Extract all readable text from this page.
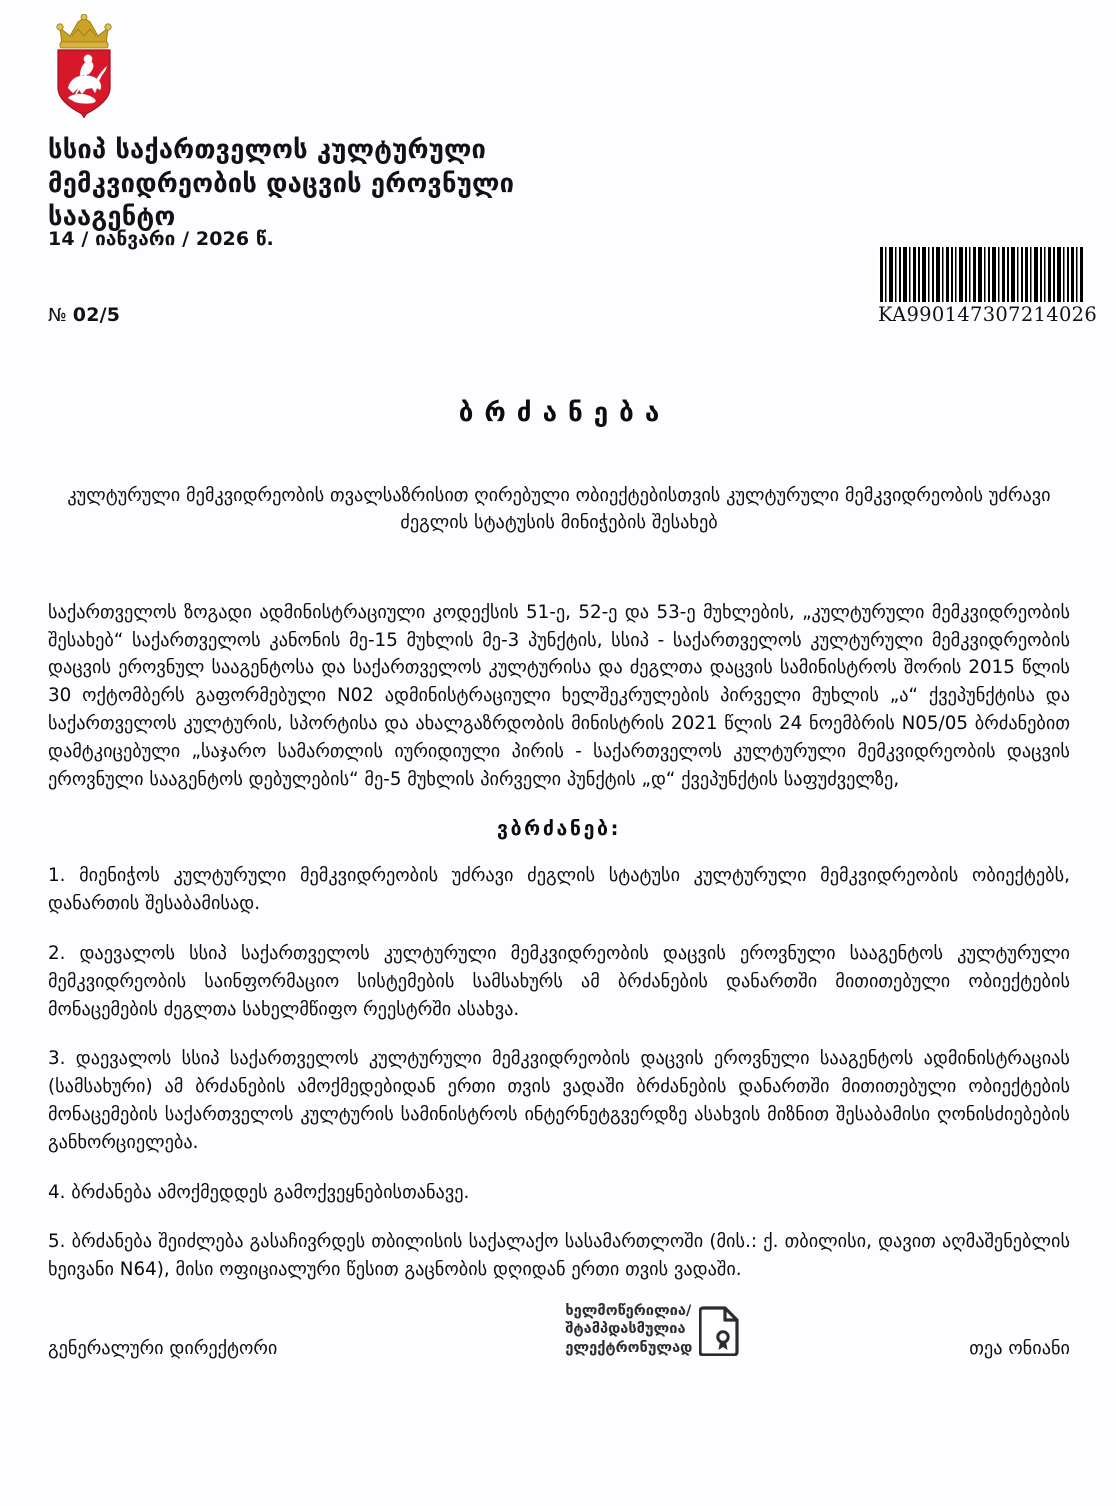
სსიპ საქართველოს კულტურული მემკვიდრეობის დაცვის ეროვნული სააგენტო
14 / იანვარი / 2026 წ.
№ 02/5	KA990147307214026
ბრძანება
კულტურული მემკვიდრეობის თვალსაზრისით ღირებული ობიექტებისთვის კულტურული მემკვიდრეობის უძრავი ძეგლის სტატუსის მინიჭების შესახებ

საქართველოს ზოგადი ადმინისტრაციული კოდექსის 51-ე, 52-ე და 53-ე მუხლების, „კულტურული მემკვიდრეობის შესახებ“ საქართველოს კანონის მე-15 მუხლის მე-3 პუნქტის, სსიპ - საქართველოს კულტურული მემკვიდრეობის დაცვის ეროვნულ სააგენტოსა და საქართველოს კულტურისა და ძეგლთა დაცვის სამინისტროს შორის 2015 წლის 30 ოქტომბერს გაფორმებული N02 ადმინისტრაციული ხელშეკრულების პირველი მუხლის „ა“ ქვეპუნქტისა და საქართველოს კულტურის, სპორტისა და ახალგაზრდობის მინისტრის 2021 წლის 24 ნოემბრის N05/05 ბრძანებით დამტკიცებული „საჯარო სამართლის იურიდიული პირის - საქართველოს კულტურული მემკვიდრეობის დაცვის ეროვნული სააგენტოს დებულების“ მე-5 მუხლის პირველი პუნქტის „დ“ ქვეპუნქტის საფუძველზე,

ვბრძანებ:

1. მიენიჭოს კულტურული მემკვიდრეობის უძრავი ძეგლის სტატუსი კულტურული მემკვიდრეობის ობიექტებს, დანართის შესაბამისად.

2. დაევალოს სსიპ საქართველოს კულტურული მემკვიდრეობის დაცვის ეროვნული სააგენტოს კულტურული მემკვიდრეობის საინფორმაციო სისტემების სამსახურს ამ ბრძანების დანართში მითითებული ობიექტების მონაცემების ძეგლთა სახელმწიფო რეესტრში ასახვა.

3. დაევალოს სსიპ საქართველოს კულტურული მემკვიდრეობის დაცვის ეროვნული სააგენტოს ადმინისტრაციას (სამსახური) ამ ბრძანების ამოქმედებიდან ერთი თვის ვადაში ბრძანების დანართში მითითებული ობიექტების მონაცემების საქართველოს კულტურის სამინისტროს ინტერნეტგვერდზე ასახვის მიზნით შესაბამისი ღონისძიებების განხორციელება.

4. ბრძანება ამოქმედდეს გამოქვეყნებისთანავე.

5. ბრძანება შეიძლება გასაჩივრდეს თბილისის საქალაქო სასამართლოში (მის.: ქ. თბილისი, დავით აღმაშენებლის ხეივანი N64), მისი ოფიციალური წესით გაცნობის დღიდან ერთი თვის ვადაში.

გენერალური დირექტორი
ხელმოწერილია/
შტამპდასმულია
ელექტრონულად	თეა ონიანი
